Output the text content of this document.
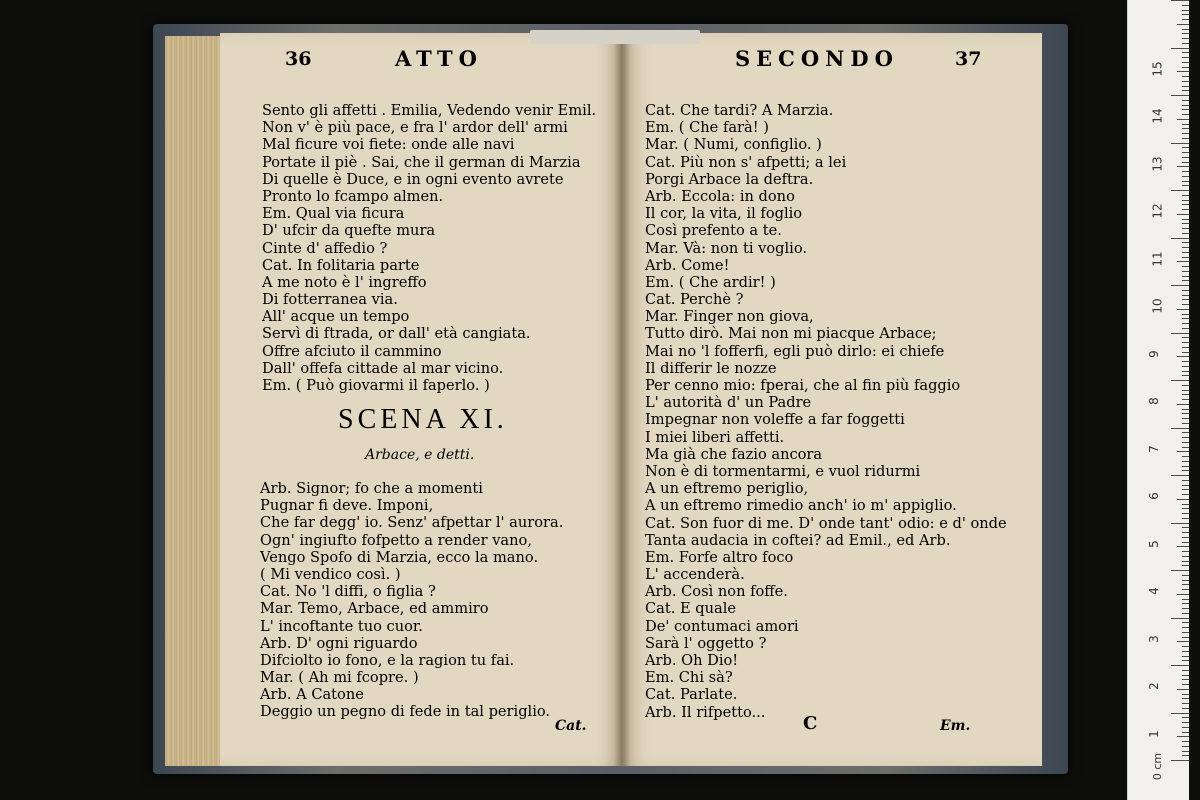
36	ATTO
Sento gli affetti . Emilia, Vedendo venir Emil.
Non v' è più pace, e fra l' ardor dell' armi
Mal ficure voi fiete: onde alle navi
Portate il piè . Sai, che il german di Marzia
Di quelle è Duce, e in ogni evento avrete
Pronto lo fcampo almen.
Em. Qual via ficura
D' ufcir da quefte mura
Cinte d' affedio ?
Cat. In folitaria parte
A me noto è l' ingreffo
Di fotterranea via.
All' acque un tempo
Servì di ftrada, or dall' età cangiata.
Offre afciuto il cammino
Dall' offefa cittade al mar vicino.
Em. ( Può giovarmi il faperlo. )
SCENA XI.
Arbace, e detti.
Arb. Signor; fo che a momenti
Pugnar fi deve. Imponi,
Che far degg' io. Senz' afpettar l' aurora.
Ogn' ingiufto fofpetto a render vano,
Vengo Spofo di Marzia, ecco la mano.
( Mi vendico così. )
Cat. No 'l diffi, o figlia ?
Mar. Temo, Arbace, ed ammiro
L' incoftante tuo cuor.
Arb. D' ogni riguardo
Difciolto io fono, e la ragion tu fai.
Mar. ( Ah mi fcopre. )
Arb. A Catone
Deggio un pegno di fede in tal periglio.
Cat.
SECONDO	37
Cat. Che tardi? A Marzia.
Em. ( Che farà! )
Mar. ( Numi, configlio. )
Cat. Più non s' afpetti; a lei
Porgi Arbace la deftra.
Arb. Eccola: in dono
Il cor, la vita, il foglio
Così prefento a te.
Mar. Và: non ti voglio.
Arb. Come!
Em. ( Che ardir! )
Cat. Perchè ?
Mar. Finger non giova,
Tutto dirò. Mai non mi piacque Arbace;
Mai no 'l fofferfi, egli può dirlo: ei chiefe
Il differir le nozze
Per cenno mio: fperai, che al fin più faggio
L' autorità d' un Padre
Impegnar non voleffe a far foggetti
I miei liberi affetti.
Ma già che fazio ancora
Non è di tormentarmi, e vuol ridurmi
A un eftremo periglio,
A un eftremo rimedio anch' io m' appiglio.
Cat. Son fuor di me. D' onde tant' odio: e d' onde
Tanta audacia in coftei? ad Emil., ed Arb.
Em. Forfe altro foco
L' accenderà.
Arb. Così non foffe.
Cat. E quale
De' contumaci amori
Sarà l' oggetto ?
Arb. Oh Dio!
Em. Chi sà?
Cat. Parlate.
Arb. Il rifpetto...
C	Em.
0 cm
15
14
13
12
11
10
9
8
7
6
5
4
3
2
1
